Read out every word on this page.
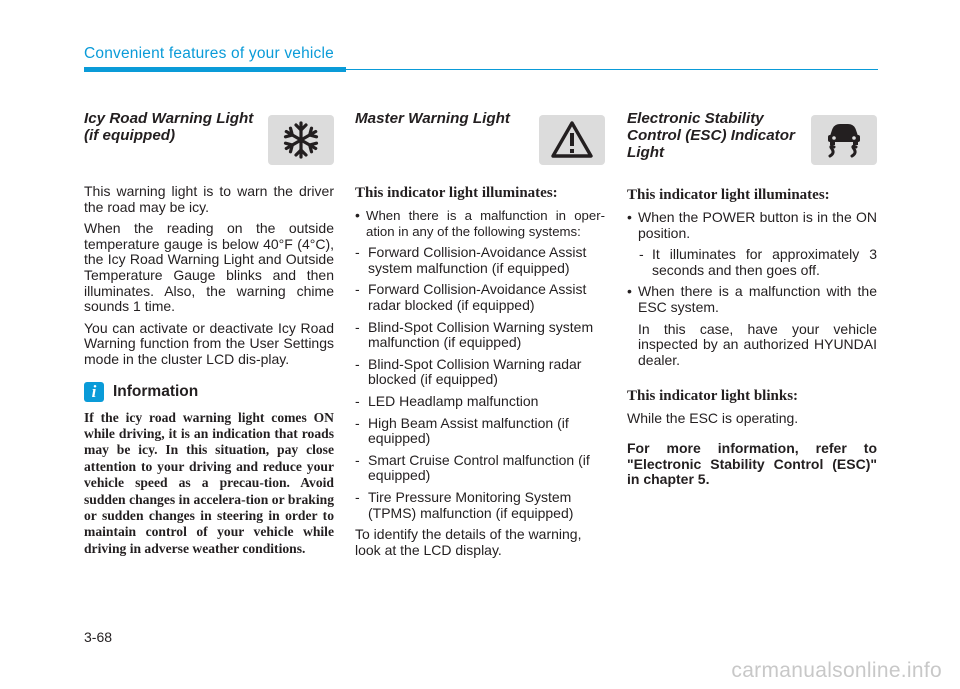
Convenient features of your vehicle
Icy Road Warning Light (if equipped)

This warning light is to warn the driver the road may be icy.

When the reading on the outside temperature gauge is below 40°F (4°C), the Icy Road Warning Light and Outside Temperature Gauge blinks and then illuminates. Also, the warning chime sounds 1 time.

You can activate or deactivate Icy Road Warning function from the User Settings mode in the cluster LCD dis-play.

i	Information

If the icy road warning light comes ON while driving, it is an indication that roads may be icy. In this situation, pay close attention to your driving and reduce your vehicle speed as a precau-tion. Avoid sudden changes in accelera-tion or braking or sudden changes in steering in order to maintain control of your vehicle while driving in adverse weather conditions.

Master Warning Light
This indicator light illuminates:
• When there is a malfunction in oper-ation in any of the following systems:
- Forward Collision-Avoidance Assist system malfunction (if equipped)
- Forward Collision-Avoidance Assist radar blocked (if equipped)
- Blind-Spot Collision Warning system malfunction (if equipped)
- Blind-Spot Collision Warning radar blocked (if equipped)
- LED Headlamp malfunction
- High Beam Assist malfunction (if equipped)
- Smart Cruise Control malfunction (if equipped)
- Tire Pressure Monitoring System (TPMS) malfunction (if equipped)

To identify the details of the warning, look at the LCD display.

Electronic Stability Control (ESC) Indicator Light
This indicator light illuminates:
• When the POWER button is in the ON position.
- It illuminates for approximately 3 seconds and then goes off.
• When there is a malfunction with the ESC system.

In this case, have your vehicle inspected by an authorized HYUNDAI dealer.

This indicator light blinks:

While the ESC is operating.

For more information, refer to "Electronic Stability Control (ESC)" in chapter 5.

3-68
carmanualsonline.info
